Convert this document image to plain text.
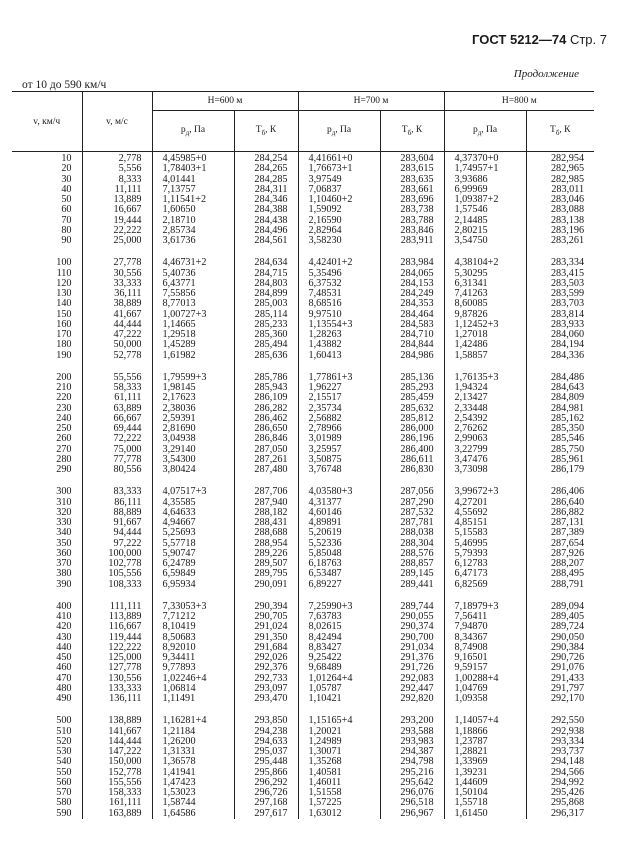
ГОСТ 5212—74 Стр. 7
Продолжение
от 10 до 590 км/ч
v, км/ч	v, м/с	H=600 м		H=700 м		H=800 м	
		$p_д$, Па	$T_б$, К	$p_д$, Па	$T_б$, К	$p_д$, Па	$T_б$, К
10	2,778	4,45985+0	284,254	4,41661+0	283,604	4,37370+0	282,954
20	5,556	1,78403+1	284,265	1,76673+1	283,615	1,74957+1	282,965
30	8,333	4,01441	284,285	3,97549	283,635	3,93686	282,985
40	11,111	7,13757	284,311	7,06837	283,661	6,99969	283,011
50	13,889	1,11541+2	284,346	1,10460+2	283,696	1,09387+2	283,046
60	16,667	1,60650	284,388	1,59092	283,738	1,57546	283,088
70	19,444	2,18710	284,438	2,16590	283,788	2,14485	283,138
80	22,222	2,85734	284,496	2,82964	283,846	2,80215	283,196
90	25,000	3,61736	284,561	3,58230	283,911	3,54750	283,261

100	27,778	4,46731+2	284,634	4,42401+2	283,984	4,38104+2	283,334
110	30,556	5,40736	284,715	5,35496	284,065	5,30295	283,415
120	33,333	6,43771	284,803	6,37532	284,153	6,31341	283,503
130	36,111	7,55856	284,899	7,48531	284,249	7,41263	283,599
140	38,889	8,77013	285,003	8,68516	284,353	8,60085	283,703
150	41,667	1,00727+3	285,114	9,97510	284,464	9,87826	283,814
160	44,444	1,14665	285,233	1,13554+3	284,583	1,12452+3	283,933
170	47,222	1,29518	285,360	1,28263	284,710	1,27018	284,060
180	50,000	1,45289	285,494	1,43882	284,844	1,42486	284,194
190	52,778	1,61982	285,636	1,60413	284,986	1,58857	284,336

200	55,556	1,79599+3	285,786	1,77861+3	285,136	1,76135+3	284,486
210	58,333	1,98145	285,943	1,96227	285,293	1,94324	284,643
220	61,111	2,17623	286,109	2,15517	285,459	2,13427	284,809
230	63,889	2,38036	286,282	2,35734	285,632	2,33448	284,981
240	66,667	2,59391	286,462	2,56882	285,812	2,54392	285,162
250	69,444	2,81690	286,650	2,78966	286,000	2,76262	285,350
260	72,222	3,04938	286,846	3,01989	286,196	2,99063	285,546
270	75,000	3,29140	287,050	3,25957	286,400	3,22799	285,750
280	77,778	3,54300	287,261	3,50875	286,611	3,47476	285,961
290	80,556	3,80424	287,480	3,76748	286,830	3,73098	286,179

300	83,333	4,07517+3	287,706	4,03580+3	287,056	3,99672+3	286,406
310	86,111	4,35585	287,940	4,31377	287,290	4,27201	286,640
320	88,889	4,64633	288,182	4,60146	287,532	4,55692	286,882
330	91,667	4,94667	288,431	4,89891	287,781	4,85151	287,131
340	94,444	5,25693	288,688	5,20619	288,038	5,15583	287,389
350	97,222	5,57718	288,954	5,52336	288,304	5,46995	287,654
360	100,000	5,90747	289,226	5,85048	288,576	5,79393	287,926
370	102,778	6,24789	289,507	6,18763	288,857	6,12783	288,207
380	105,556	6,59849	289,795	6,53487	289,145	6,47173	288,495
390	108,333	6,95934	290,091	6,89227	289,441	6,82569	288,791

400	111,111	7,33053+3	290,394	7,25990+3	289,744	7,18979+3	289,094
410	113,889	7,71212	290,705	7,63783	290,055	7,56411	289,405
420	116,667	8,10419	291,024	8,02615	290,374	7,94870	289,724
430	119,444	8,50683	291,350	8,42494	290,700	8,34367	290,050
440	122,222	8,92010	291,684	8,83427	291,034	8,74908	290,384
450	125,000	9,34411	292,026	9,25422	291,376	9,16501	290,726
460	127,778	9,77893	292,376	9,68489	291,726	9,59157	291,076
470	130,556	1,02246+4	292,733	1,01264+4	292,083	1,00288+4	291,433
480	133,333	1,06814	293,097	1,05787	292,447	1,04769	291,797
490	136,111	1,11491	293,470	1,10421	292,820	1,09358	292,170

500	138,889	1,16281+4	293,850	1,15165+4	293,200	1,14057+4	292,550
510	141,667	1,21184	294,238	1,20021	293,588	1,18866	292,938
520	144,444	1,26200	294,633	1,24989	293,983	1,23787	293,334
530	147,222	1,31331	295,037	1,30071	294,387	1,28821	293,737
540	150,000	1,36578	295,448	1,35268	294,798	1,33969	294,148
550	152,778	1,41941	295,866	1,40581	295,216	1,39231	294,566
560	155,556	1,47423	296,292	1,46011	295,642	1,44609	294,992
570	158,333	1,53023	296,726	1,51558	296,076	1,50104	295,426
580	161,111	1,58744	297,168	1,57225	296,518	1,55718	295,868
590	163,889	1,64586	297,617	1,63012	296,967	1,61450	296,317
